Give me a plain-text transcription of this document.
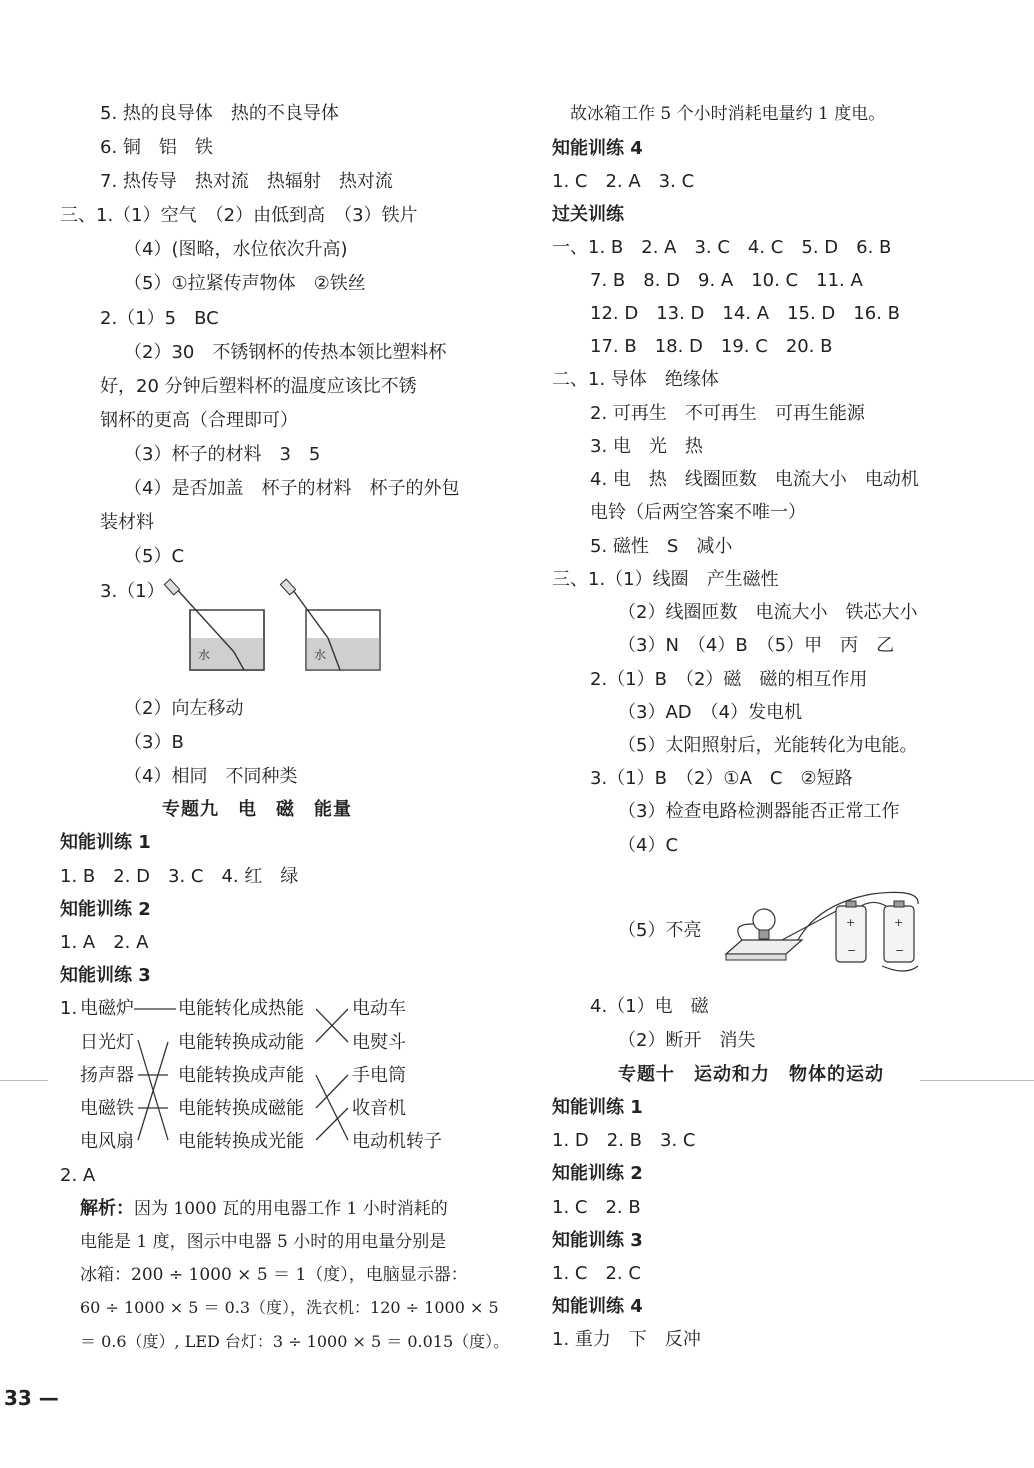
5. 热的良导体　热的不良导体
6. 铜　铝　铁
7. 热传导　热对流　热辐射　热对流
三、1.（1）空气　（2）由低到高　（3）铁片
（4）(图略，水位依次升高)
（5）①拉紧传声物体　②铁丝
2.（1）5　BC
（2）30　不锈钢杯的传热本领比塑料杯
好，20 分钟后塑料杯的温度应该比不锈
钢杯的更高（合理即可）
（3）杯子的材料　3　5
（4）是否加盖　杯子的材料　杯子的外包
装材料
（5）C
3.（1）
水	水
（2）向左移动
（3）B
（4）相同　不同种类
专题九　电　磁　能量
知能训练 1
1. B　2. D　3. C　4. 红　绿
知能训练 2
1. A　2. A
知能训练 3
1. 电磁炉
日光灯
扬声器
电磁铁
电风扇
电能转化成热能
电能转换成动能
电能转换成声能
电能转换成磁能
电能转换成光能
电动车
电熨斗
手电筒
收音机
电动机转子
2. A
解析： 因为 1000 瓦的用电器工作 1 小时消耗的
电能是 1 度，图示中电器 5 小时的用电量分别是
冰箱：200 ÷ 1000 × 5 ＝ 1（度），电脑显示器：
60 ÷ 1000 × 5 ＝ 0.3（度），洗衣机：120 ÷ 1000 × 5
＝ 0.6（度）, LED 台灯：3 ÷ 1000 × 5 ＝ 0.015（度）。
故冰箱工作 5 个小时消耗电量约 1 度电。
知能训练 4
1. C　2. A　3. C
过关训练
一、1. B　2. A　3. C　4. C　5. D　6. B
7. B　8. D　9. A　10. C　11. A
12. D　13. D　14. A　15. D　16. B
17. B　18. D　19. C　20. B
二、1. 导体　绝缘体
2. 可再生　不可再生　可再生能源
3. 电　光　热
4. 电　热　线圈匝数　电流大小　电动机
电铃（后两空答案不唯一）
5. 磁性　S　减小
三、1.（1）线圈　产生磁性
（2）线圈匝数　电流大小　铁芯大小
（3）N　（4）B　（5）甲　丙　乙
2.（1）B　（2）磁　磁的相互作用
（3）AD　（4）发电机
（5）太阳照射后，光能转化为电能。
3.（1）B　（2）①A　C　②短路
（3）检查电路检测器能否正常工作
（4）C
（5）不亮	+
−
+
−
4.（1）电　磁
（2）断开　消失
专题十　运动和力　物体的运动
知能训练 1
1. D　2. B　3. C
知能训练 2
1. C　2. B
知能训练 3
1. C　2. C
知能训练 4
1. 重力　下　反冲
33 —
